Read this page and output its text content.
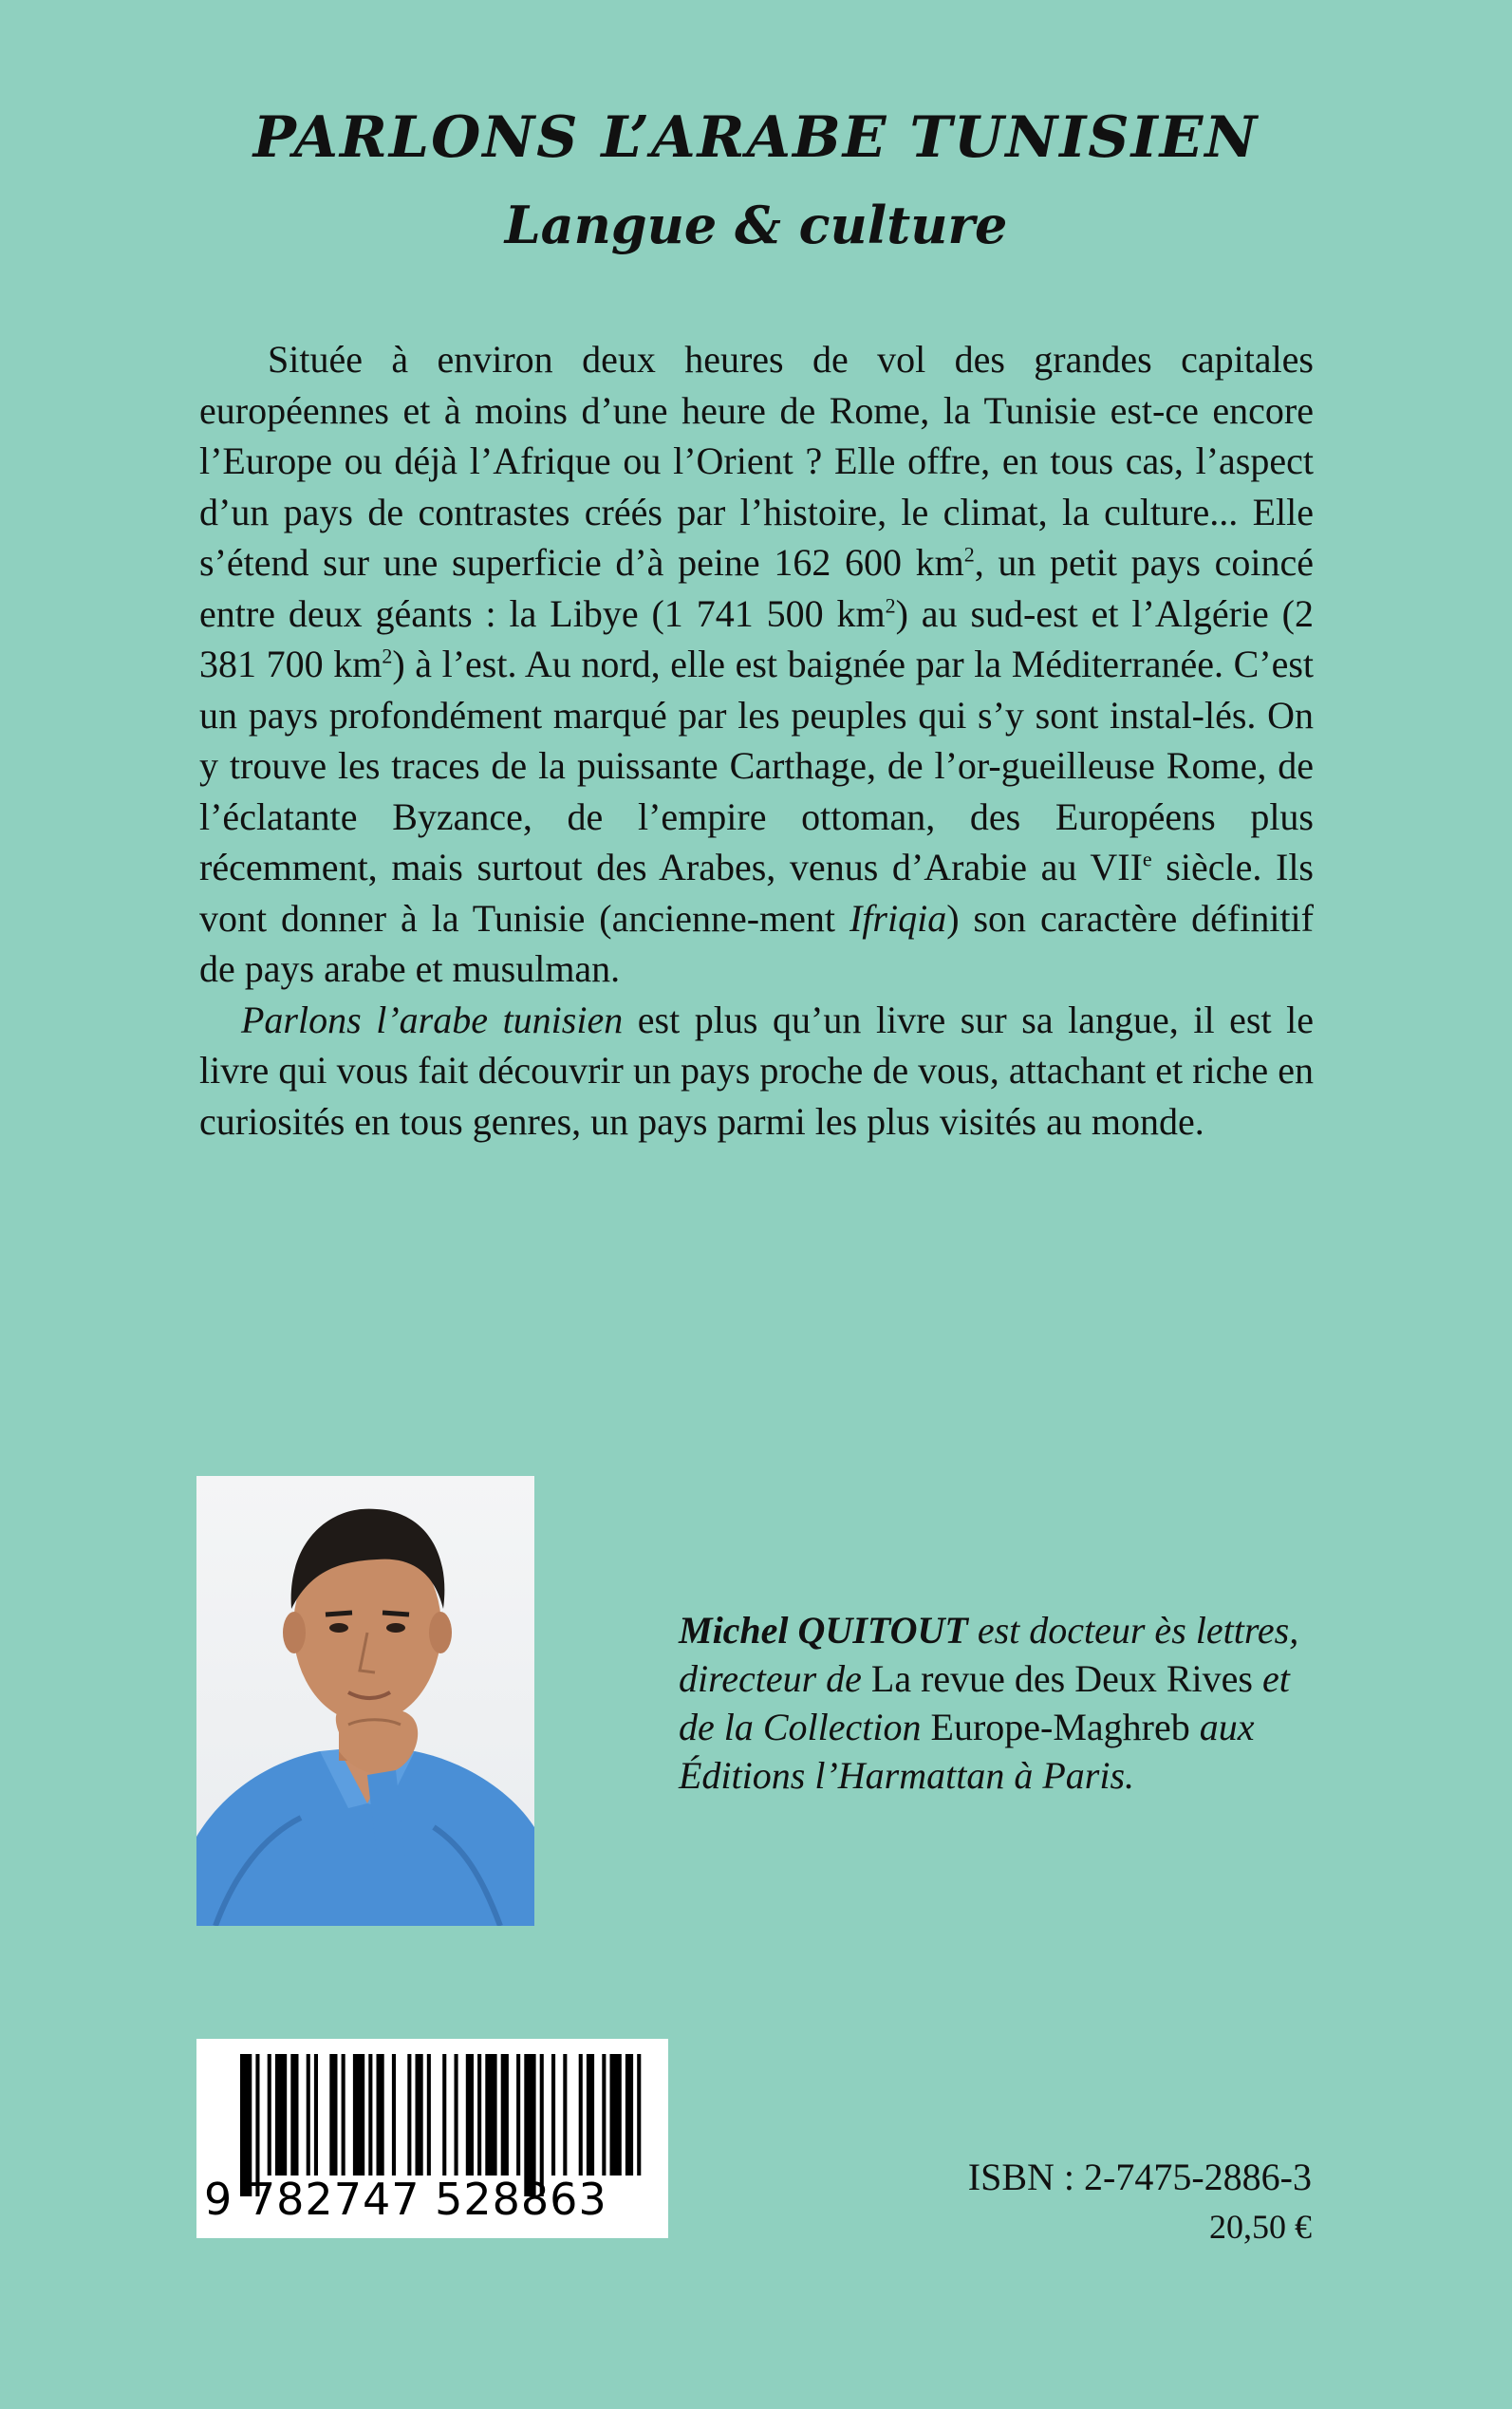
PARLONS L’ARABE TUNISIEN
Langue & culture

Située à environ deux heures de vol des grandes capitales européennes et à moins d’une heure de Rome, la Tunisie est-ce encore l’Europe ou déjà l’Afrique ou l’Orient ? Elle offre, en tous cas, l’aspect d’un pays de contrastes créés par l’histoire, le climat, la culture... Elle s’étend sur une superficie d’à peine 162 600 $km^2$, un petit pays coincé entre deux géants : la Libye (1 741 500 $km^2$) au sud-est et l’Algérie (2 381 700 $km^2$) à l’est. Au nord, elle est baignée par la Méditerranée. C’est un pays profondément marqué par les peuples qui s’y sont instal-lés. On y trouve les traces de la puissante Carthage, de l’or-gueilleuse Rome, de l’éclatante Byzance, de l’empire ottoman, des Européens plus récemment, mais surtout des Arabes, venus d’Arabie au VIIe siècle. Ils vont donner à la Tunisie (ancienne-ment Ifriqia) son caractère définitif de pays arabe et musulman.

Parlons l’arabe tunisien est plus qu’un livre sur sa langue, il est le livre qui vous fait découvrir un pays proche de vous, attachant et riche en curiosités en tous genres, un pays parmi les plus visités au monde.

Michel QUITOUT est docteur ès lettres, directeur de La revue des Deux Rives et de la Collection Europe-Maghreb aux Éditions l’Harmattan à Paris.

9 782747 528863	ISBN : 2-7475-2886-3

20,50 €
